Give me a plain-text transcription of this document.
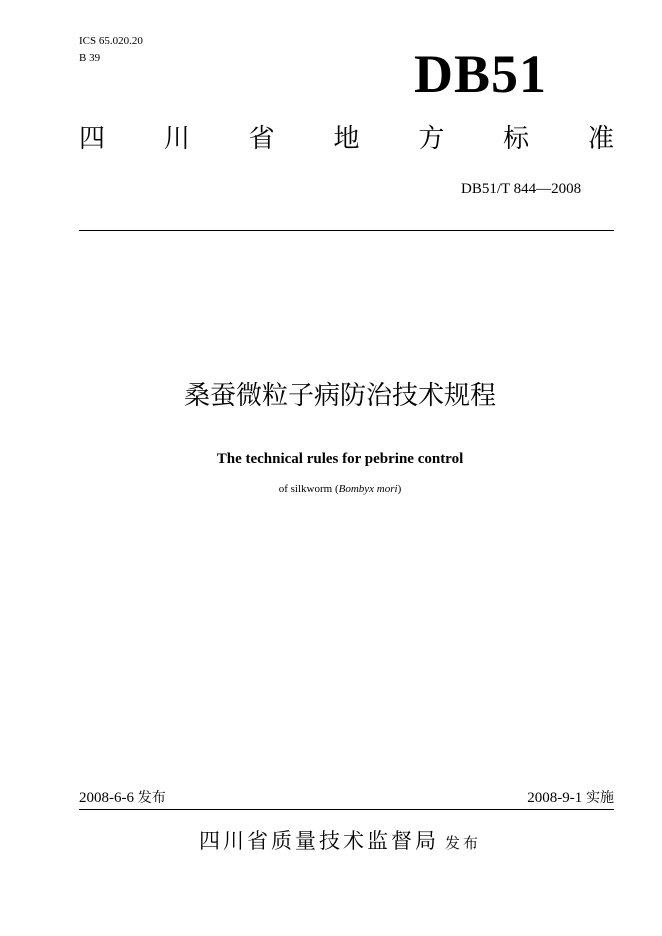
ICS 65.020.20
B 39	DB51
四 川 省 地 方 标 准
DB51/T 844—2008
桑蚕微粒子病防治技术规程
The technical rules for pebrine control
of silkworm (Bombyx mori)
2008-6-6 发布	2008-9-1 实施
四川省质量技术监督局 发布
